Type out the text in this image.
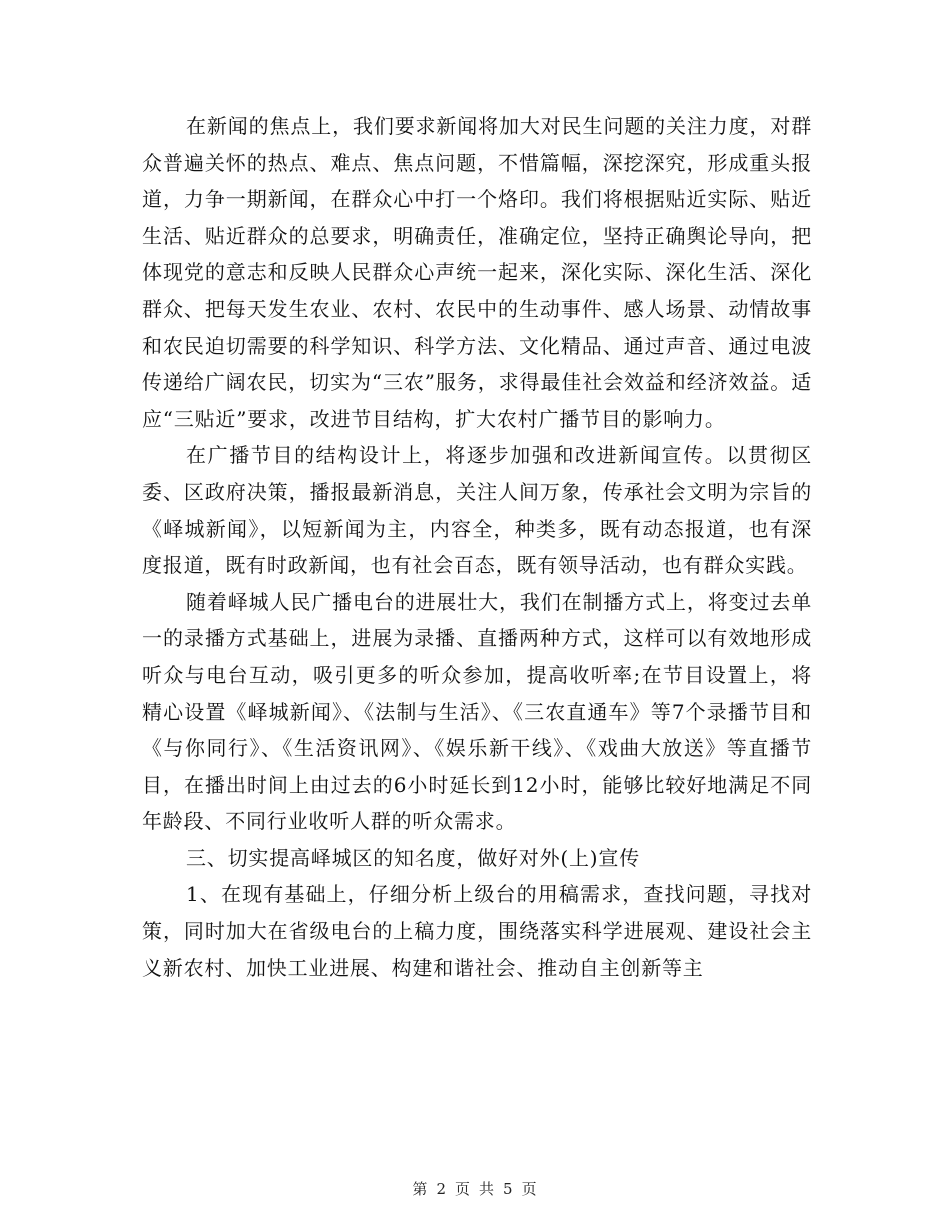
在新闻的焦点上，我们要求新闻将加大对民生问题的关注力度，对群众普遍关怀的热点、难点、焦点问题，不惜篇幅，深挖深究，形成重头报道，力争一期新闻，在群众心中打一个烙印。我们将根据贴近实际、贴近生活、贴近群众的总要求，明确责任，准确定位，坚持正确舆论导向，把体现党的意志和反映人民群众心声统一起来，深化实际、深化生活、深化群众、把每天发生农业、农村、农民中的生动事件、感人场景、动情故事和农民迫切需要的科学知识、科学方法、文化精品、通过声音、通过电波传递给广阔农民，切实为“三农”服务，求得最佳社会效益和经济效益。适应“三贴近”要求，改进节目结构，扩大农村广播节目的影响力。

在广播节目的结构设计上，将逐步加强和改进新闻宣传。以贯彻区委、区政府决策，播报最新消息，关注人间万象，传承社会文明为宗旨的《峄城新闻》，以短新闻为主，内容全，种类多，既有动态报道，也有深度报道，既有时政新闻，也有社会百态，既有领导活动，也有群众实践。

随着峄城人民广播电台的进展壮大，我们在制播方式上，将变过去单一的录播方式基础上，进展为录播、直播两种方式，这样可以有效地形成听众与电台互动，吸引更多的听众参加，提高收听率;在节目设置上，将精心设置《峄城新闻》、《法制与生活》、《三农直通车》等7个录播节目和《与你同行》、《生活资讯网》、《娱乐新干线》、《戏曲大放送》等直播节目，在播出时间上由过去的6小时延长到12小时，能够比较好地满足不同年龄段、不同行业收听人群的听众需求。

三、切实提高峄城区的知名度，做好对外(上)宣传

1、在现有基础上，仔细分析上级台的用稿需求，查找问题，寻找对策，同时加大在省级电台的上稿力度，围绕落实科学进展观、建设社会主义新农村、加快工业进展、构建和谐社会、推动自主创新等主

第 2 页 共 5 页
